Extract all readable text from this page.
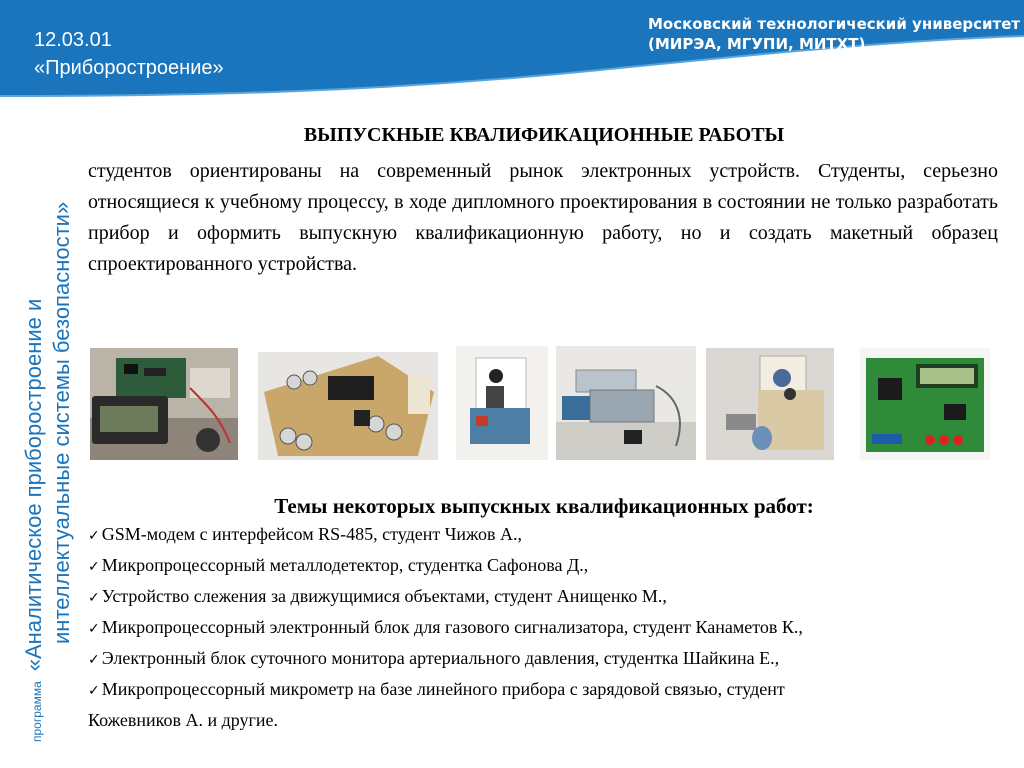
12.03.01
«Приборостроение»
Московский технологический университет
(МИРЭА, МГУПИ, МИТХТ)
программа«Аналитическое приборостроение и интеллектуальные системы безопасности»
ВЫПУСКНЫЕ КВАЛИФИКАЦИОННЫЕ РАБОТЫ
студентов ориентированы на современный рынок электронных устройств. Студенты, серьезно относящиеся к учебному процессу, в ходе дипломного проектирования в состоянии не только разработать прибор и оформить выпускную квалификационную работу, но и создать макетный образец спроектированного устройства.
Темы некоторых выпускных квалификационных работ:
✓ GSM-модем с интерфейсом RS-485, студент Чижов А.,
✓ Микропроцессорный металлодетектор, студентка Сафонова Д.,
✓ Устройство слежения за движущимися объектами, студент Анищенко М.,
✓ Микропроцессорный электронный блок для газового сигнализатора, студент Канаметов К.,
✓ Электронный блок суточного монитора артериального давления, студентка Шайкина Е.,
✓ Микропроцессорный микрометр на базе линейного прибора с зарядовой связью, студент
Кожевников А. и другие.
